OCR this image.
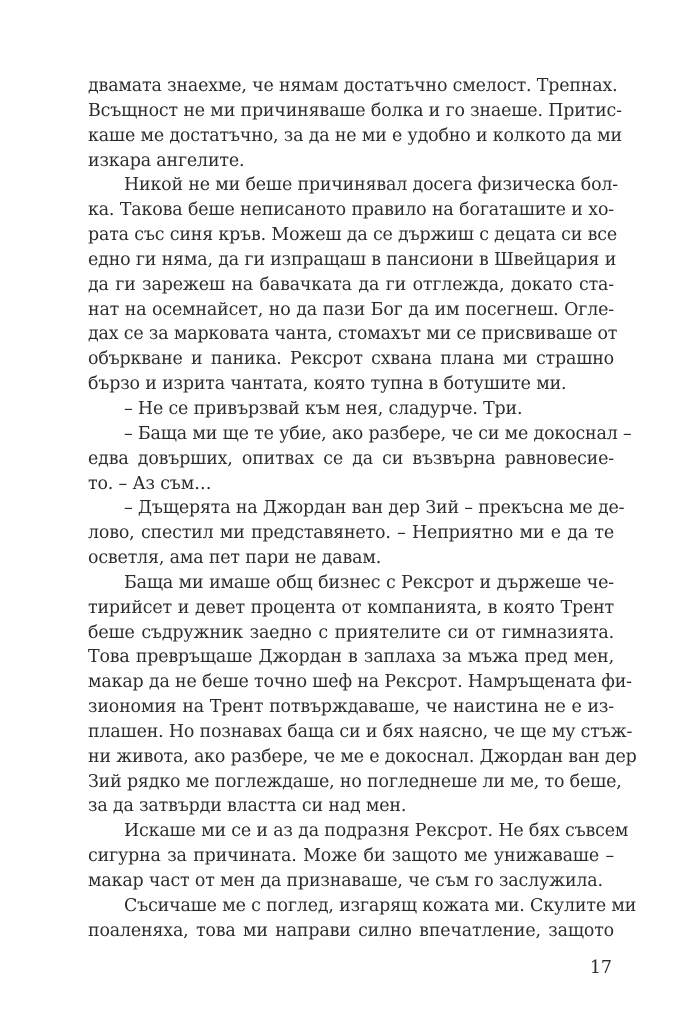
двамата знаехме, че нямам достатъчно смелост. Трепнах.
Всъщност не ми причиняваше болка и го знаеше. Притис-
каше ме достатъчно, за да не ми е удобно и колкото да ми
изкара ангелите.
Никой не ми беше причинявал досега физическа бол-
ка. Такова беше неписаното правило на богаташите и хо-
рата със синя кръв. Можеш да се държиш с децата си все
едно ги няма, да ги изпращаш в пансиони в Швейцария и
да ги зарежеш на бавачката да ги отглежда, докато ста-
нат на осемнайсет, но да пази Бог да им посегнеш. Огле-
дах се за марковата чанта, стомахът ми се присвиваше от
объркване и паника. Рексрот схвана плана ми страшно
бързо и изрита чантата, която тупна в ботушите ми.
– Не се привързвай към нея, сладурче. Три.
– Баща ми ще те убие, ако разбере, че си ме докоснал –
едва довърших, опитвах се да си възвърна равновесие-
то. – Аз съм…
– Дъщерята на Джордан ван дер Зий – прекъсна ме де-
лово, спестил ми представянето. – Неприятно ми е да те
осветля, ама пет пари не давам.
Баща ми имаше общ бизнес с Рексрот и държеше че-
тирийсет и девет процента от компанията, в която Трент
беше съдружник заедно с приятелите си от гимназията.
Това превръщаше Джордан в заплаха за мъжа пред мен,
макар да не беше точно шеф на Рексрот. Намръщената фи-
зиономия на Трент потвърждаваше, че наистина не е из-
плашен. Но познавах баща си и бях наясно, че ще му стъж-
ни живота, ако разбере, че ме е докоснал. Джордан ван дер
Зий рядко ме поглеждаше, но погледнеше ли ме, то беше,
за да затвърди властта си над мен.
Искаше ми се и аз да подразня Рексрот. Не бях съвсем
сигурна за причината. Може би защото ме унижаваше –
макар част от мен да признаваше, че съм го заслужила.
Съсичаше ме с поглед, изгарящ кожата ми. Скулите ми
поаленяха, това ми направи силно впечатление, защото
17
